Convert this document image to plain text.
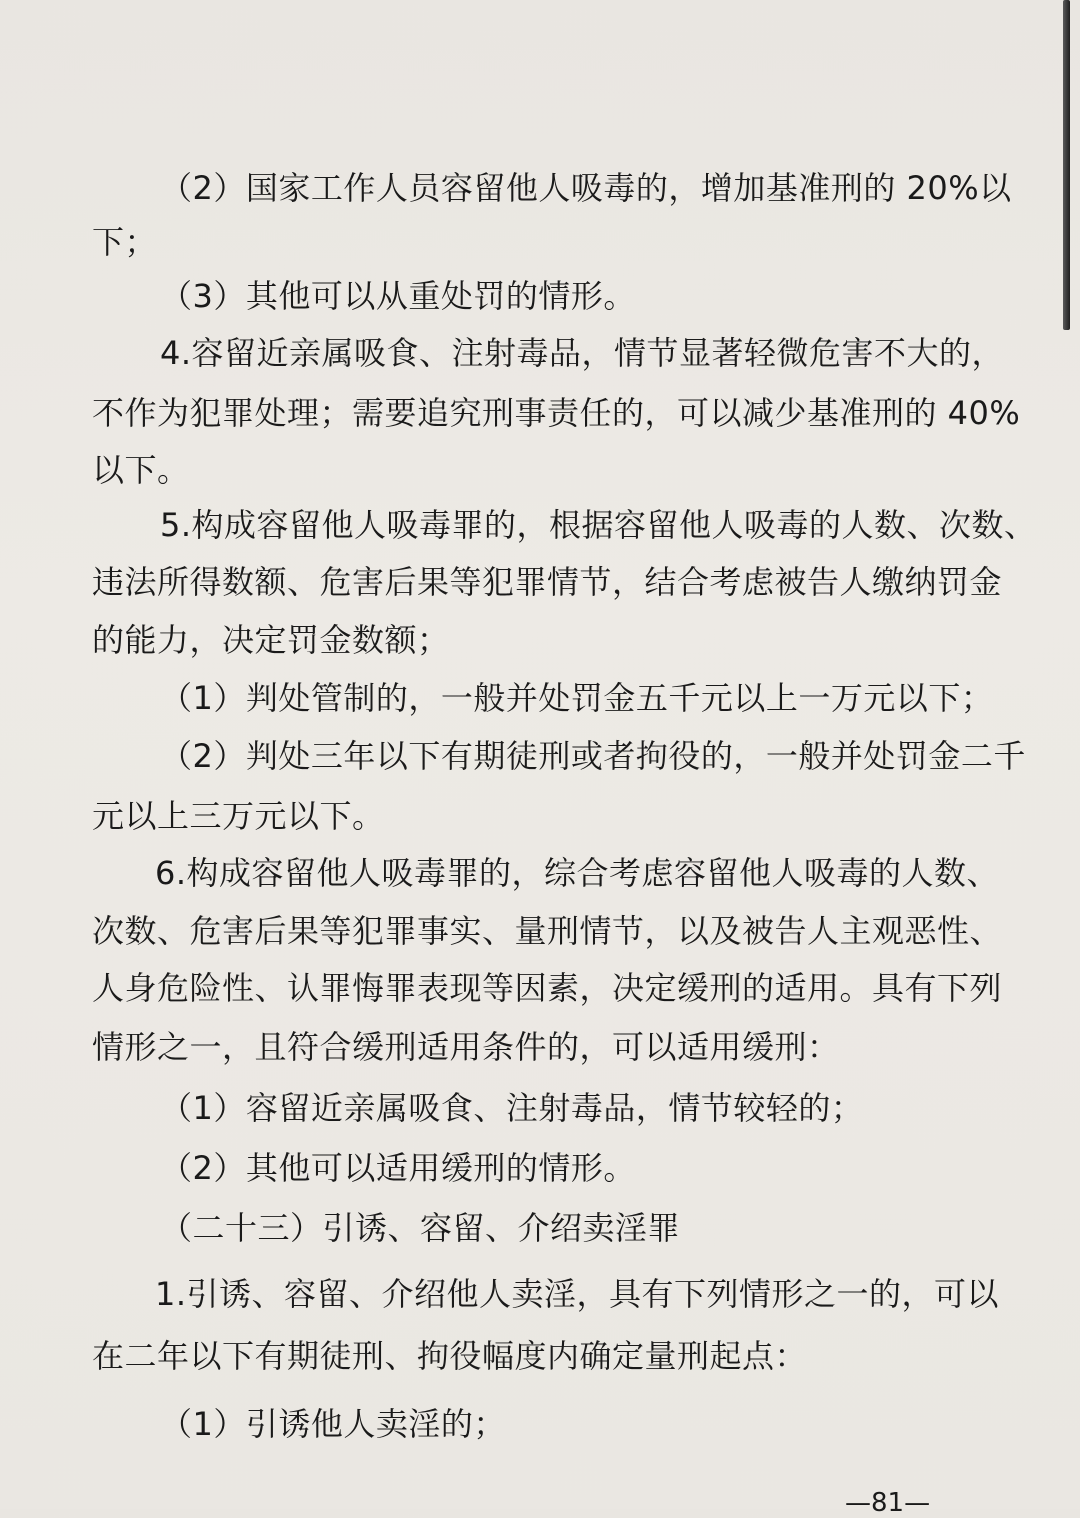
（2）国家工作人员容留他人吸毒的，增加基准刑的 20%以
下；
（3）其他可以从重处罚的情形。
4.容留近亲属吸食、注射毒品，情节显著轻微危害不大的，
不作为犯罪处理；需要追究刑事责任的，可以减少基准刑的 40%
以下。
5.构成容留他人吸毒罪的，根据容留他人吸毒的人数、次数、
违法所得数额、危害后果等犯罪情节，结合考虑被告人缴纳罚金
的能力，决定罚金数额；
（1）判处管制的，一般并处罚金五千元以上一万元以下；
（2）判处三年以下有期徒刑或者拘役的，一般并处罚金二千
元以上三万元以下。
6.构成容留他人吸毒罪的，综合考虑容留他人吸毒的人数、
次数、危害后果等犯罪事实、量刑情节，以及被告人主观恶性、
人身危险性、认罪悔罪表现等因素，决定缓刑的适用。具有下列
情形之一，且符合缓刑适用条件的，可以适用缓刑：
（1）容留近亲属吸食、注射毒品，情节较轻的；
（2）其他可以适用缓刑的情形。
（二十三）引诱、容留、介绍卖淫罪
1.引诱、容留、介绍他人卖淫，具有下列情形之一的，可以
在二年以下有期徒刑、拘役幅度内确定量刑起点：
（1）引诱他人卖淫的；
—81—
